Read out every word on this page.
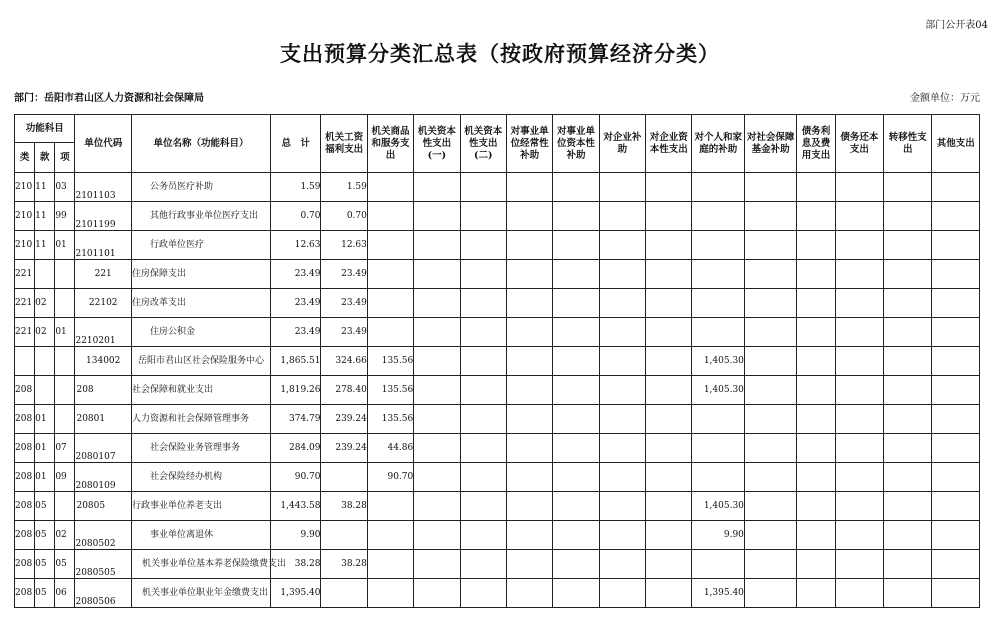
部门公开表04
支出预算分类汇总表（按政府预算经济分类）
部门：岳阳市君山区人力资源和社会保障局	金额单位：万元
功能科目			单位代码	单位名称（功能科目）	总　计	机关工资福利支出	机关商品和服务支出	机关资本性支出(一)	机关资本性支出(二)	对事业单位经常性补助	对事业单位资本性补助	对企业补助	对企业资本性支出	对个人和家庭的补助	对社会保障基金补助	债务利息及费用支出	债务还本支出	转移性支出	其他支出
类	款	项																	
210	11	03	2101103	公务员医疗补助	1.59	1.59													
210	11	99	2101199	其他行政事业单位医疗支出	0.70	0.70													
210	11	01	2101101	行政单位医疗	12.63	12.63													
221			221	住房保障支出	23.49	23.49													
221	02		22102	住房改革支出	23.49	23.49													
221	02	01	2210201	住房公积金	23.49	23.49													
			134002	岳阳市君山区社会保险服务中心	1,865.51	324.66	135.56							1,405.30					
208			208	社会保障和就业支出	1,819.26	278.40	135.56							1,405.30					
208	01		20801	人力资源和社会保障管理事务	374.79	239.24	135.56												
208	01	07	2080107	社会保险业务管理事务	284.09	239.24	44.86												
208	01	09	2080109	社会保险经办机构	90.70		90.70												
208	05		20805	行政事业单位养老支出	1,443.58	38.28								1,405.30					
208	05	02	2080502	事业单位离退休	9.90									9.90					
208	05	05	2080505	机关事业单位基本养老保险缴费支出	38.28	38.28													
208	05	06	2080506	机关事业单位职业年金缴费支出	1,395.40									1,395.40					
